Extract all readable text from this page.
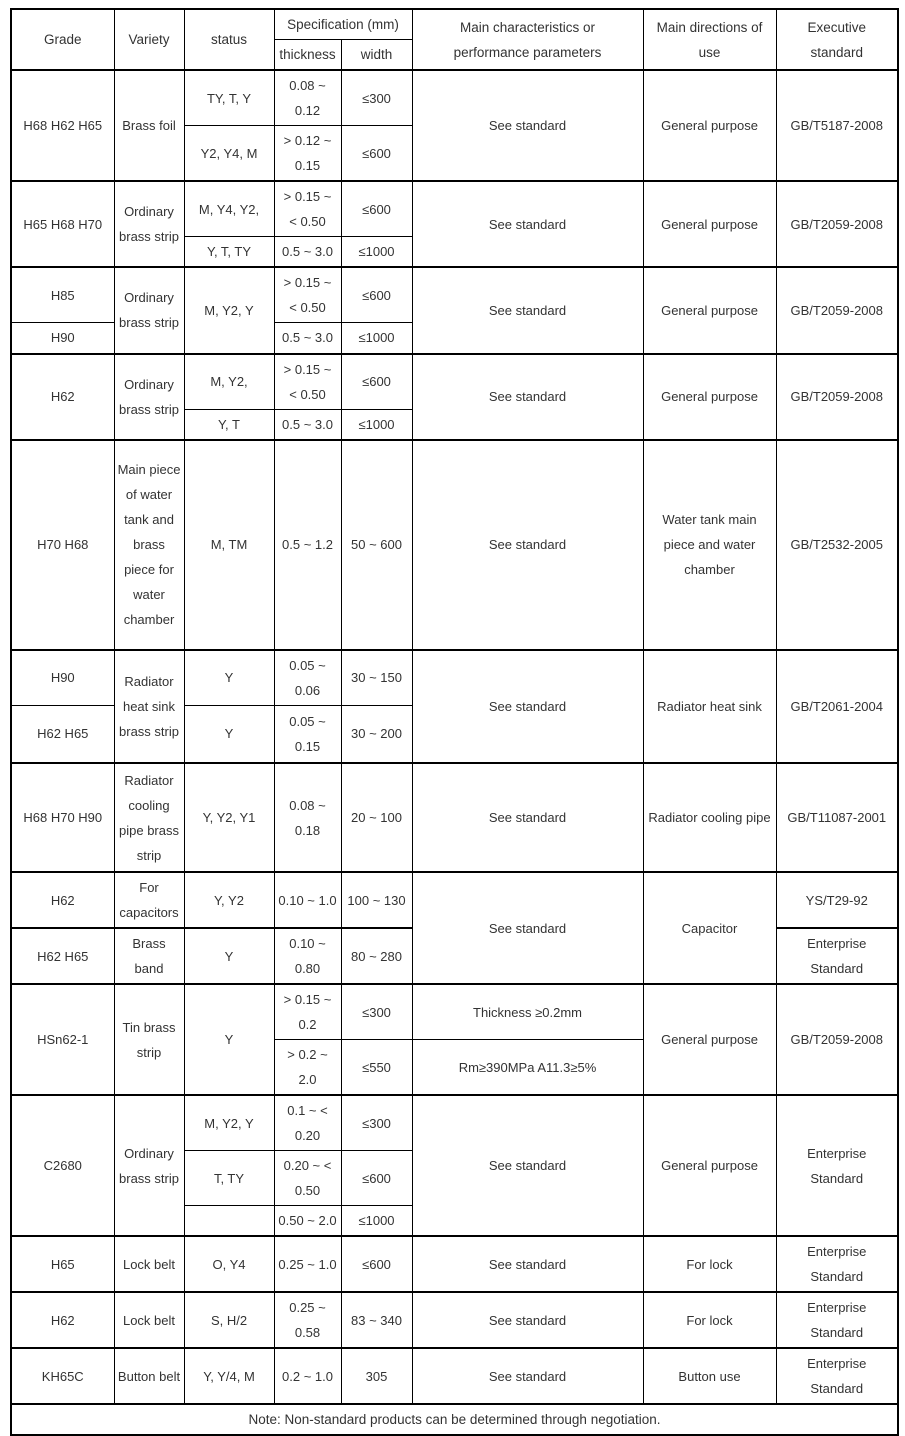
Grade	Variety	status	Specification (mm)		Main characteristics or performance parameters	Main directions of use	Executive standard
			thickness	width			
H68 H62 H65	Brass foil	TY, T, Y	0.08 ~ 0.12	≤300	See standard	General purpose	GB/T5187-2008
		Y2, Y4, M	> 0.12 ~ 0.15	≤600			
H65 H68 H70	Ordinary brass strip	M, Y4, Y2,	> 0.15 ~ < 0.50	≤600	See standard	General purpose	GB/T2059-2008
		Y, T, TY	0.5 ~ 3.0	≤1000			
H85	Ordinary brass strip	M, Y2, Y	> 0.15 ~ < 0.50	≤600	See standard	General purpose	GB/T2059-2008
H90			0.5 ~ 3.0	≤1000			
H62	Ordinary brass strip	M, Y2,	> 0.15 ~ < 0.50	≤600	See standard	General purpose	GB/T2059-2008
		Y, T	0.5 ~ 3.0	≤1000			
H70 H68	Main piece of water tank and brass piece for water chamber	M, TM	0.5 ~ 1.2	50 ~ 600	See standard	Water tank main piece and water chamber	GB/T2532-2005
H90	Radiator heat sink brass strip	Y	0.05 ~ 0.06	30 ~ 150	See standard	Radiator heat sink	GB/T2061-2004
H62 H65		Y	0.05 ~ 0.15	30 ~ 200			
H68 H70 H90	Radiator cooling pipe brass strip	Y, Y2, Y1	0.08 ~ 0.18	20 ~ 100	See standard	Radiator cooling pipe	GB/T11087-2001
H62	For capacitors	Y, Y2	0.10 ~ 1.0	100 ~ 130	See standard	Capacitor	YS/T29-92
H62 H65	Brass band	Y	0.10 ~ 0.80	80 ~ 280			Enterprise Standard
HSn62-1	Tin brass strip	Y	> 0.15 ~ 0.2	≤300	Thickness ≥0.2mm	General purpose	GB/T2059-2008
			> 0.2 ~ 2.0	≤550	Rm≥390MPa A11.3≥5%		
C2680	Ordinary brass strip	M, Y2, Y	0.1 ~ < 0.20	≤300	See standard	General purpose	Enterprise Standard
		T, TY	0.20 ~ < 0.50	≤600			
			0.50 ~ 2.0	≤1000			
H65	Lock belt	O, Y4	0.25 ~ 1.0	≤600	See standard	For lock	Enterprise Standard
H62	Lock belt	S, H/2	0.25 ~ 0.58	83 ~ 340	See standard	For lock	Enterprise Standard
KH65C	Button belt	Y, Y/4, M	0.2 ~ 1.0	305	See standard	Button use	Enterprise Standard
Note: Non-standard products can be determined through negotiation.							
